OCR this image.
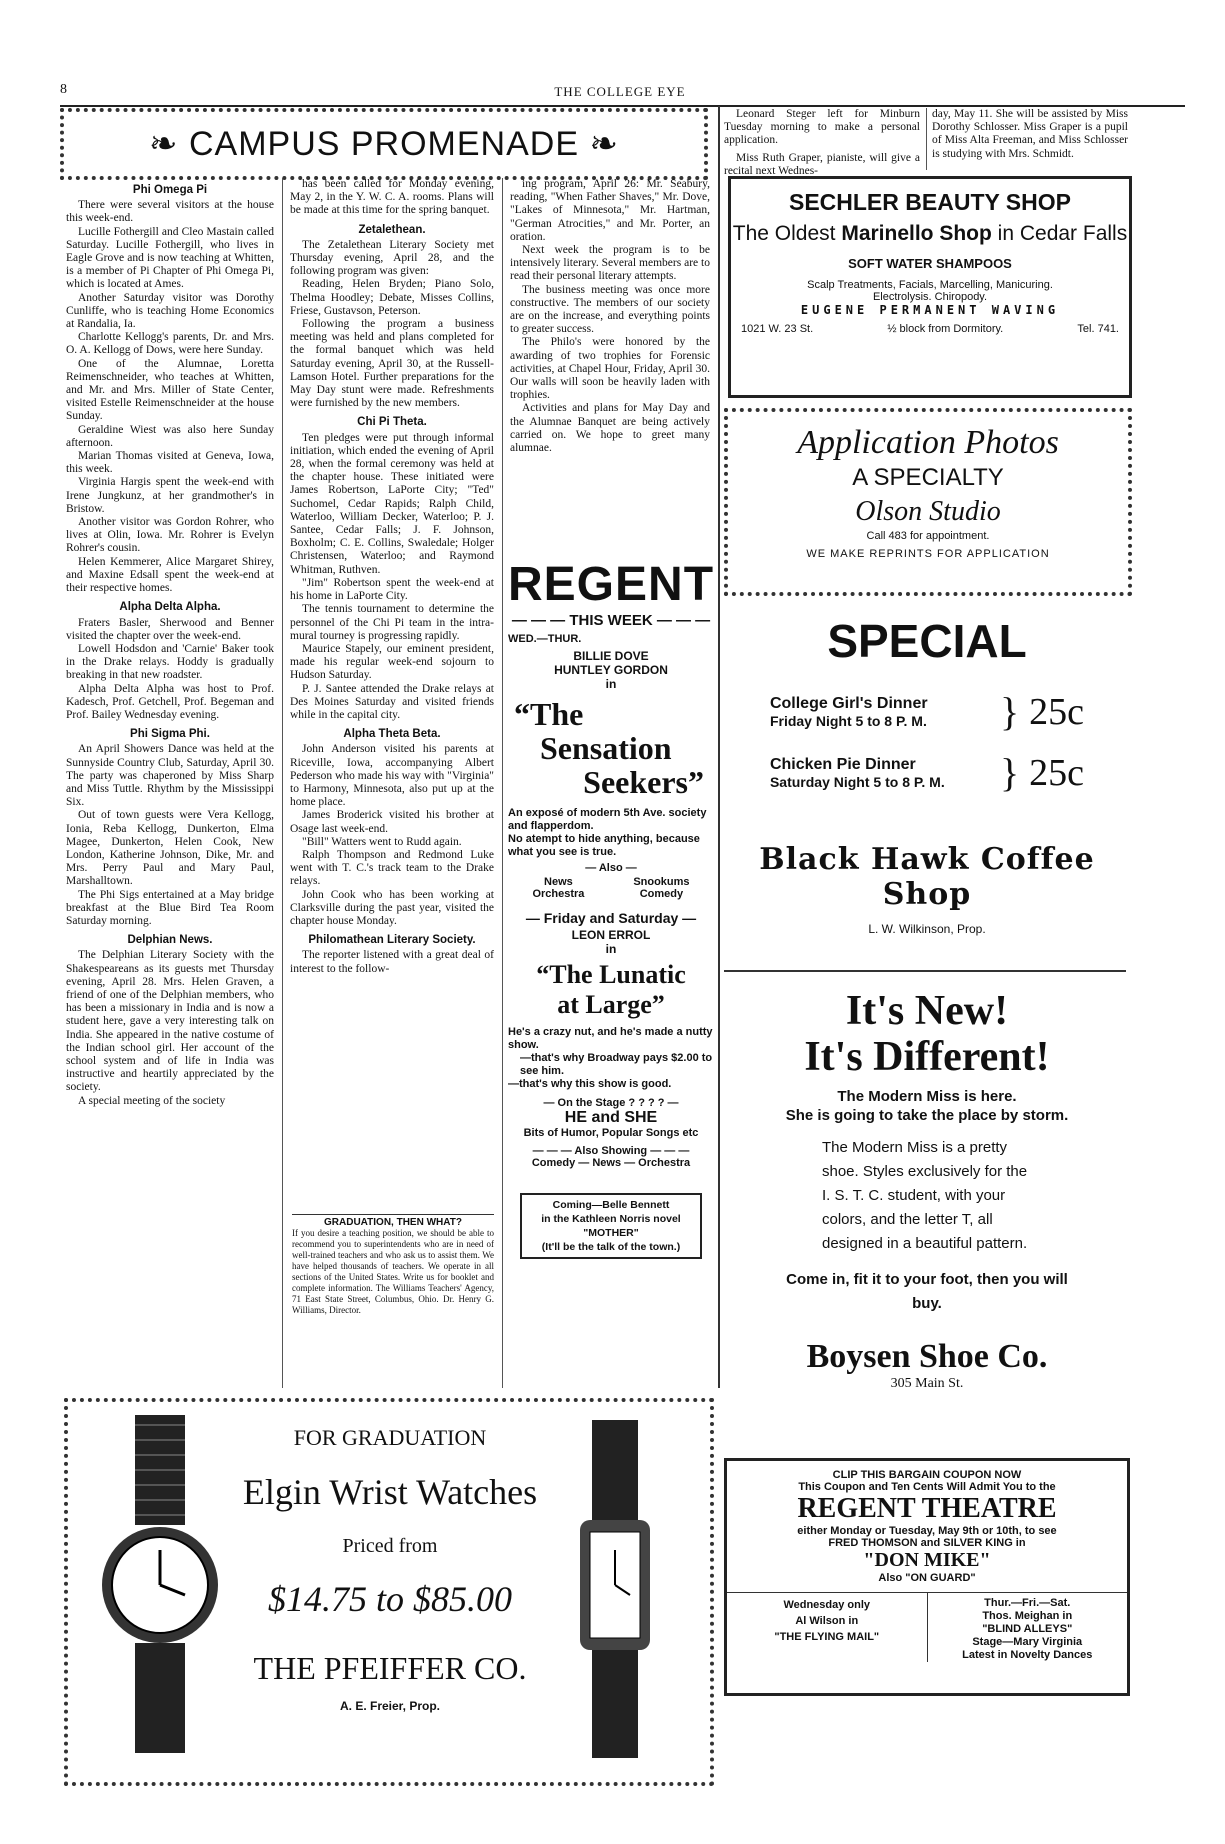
8	THE COLLEGE EYE
❧ CAMPUS PROMENADE ❧
Phi Omega Pi

There were several visitors at the house this week-end.

Lucille Fothergill and Cleo Mastain called Saturday. Lucille Fothergill, who lives in Eagle Grove and is now teaching at Whitten, is a member of Pi Chapter of Phi Omega Pi, which is located at Ames.

Another Saturday visitor was Dorothy Cunliffe, who is teaching Home Economics at Randalia, Ia.

Charlotte Kellogg's parents, Dr. and Mrs. O. A. Kellogg of Dows, were here Sunday.

One of the Alumnae, Loretta Reimenschneider, who teaches at Whitten, and Mr. and Mrs. Miller of State Center, visited Estelle Reimenschneider at the house Sunday.

Geraldine Wiest was also here Sunday afternoon.

Marian Thomas visited at Geneva, Iowa, this week.

Virginia Hargis spent the week-end with Irene Jungkunz, at her grandmother's in Bristow.

Another visitor was Gordon Rohrer, who lives at Olin, Iowa. Mr. Rohrer is Evelyn Rohrer's cousin.

Helen Kemmerer, Alice Margaret Shirey, and Maxine Edsall spent the week-end at their respective homes.

Alpha Delta Alpha.

Fraters Basler, Sherwood and Benner visited the chapter over the week-end.

Lowell Hodsdon and 'Carnie' Baker took in the Drake relays. Hoddy is gradually breaking in that new roadster.

Alpha Delta Alpha was host to Prof. Kadesch, Prof. Getchell, Prof. Begeman and Prof. Bailey Wednesday evening.

Phi Sigma Phi.

An April Showers Dance was held at the Sunnyside Country Club, Saturday, April 30. The party was chaperoned by Miss Sharp and Miss Tuttle. Rhythm by the Mississippi Six.

Out of town guests were Vera Kellogg, Ionia, Reba Kellogg, Dunkerton, Elma Magee, Dunkerton, Helen Cook, New London, Katherine Johnson, Dike, Mr. and Mrs. Perry Paul and Mary Paul, Marshalltown.

The Phi Sigs entertained at a May bridge breakfast at the Blue Bird Tea Room Saturday morning.

Delphian News.

The Delphian Literary Society with the Shakespeareans as its guests met Thursday evening, April 28. Mrs. Helen Graven, a friend of one of the Delphian members, who has been a missionary in India and is now a student here, gave a very interesting talk on India. She appeared in the native costume of the Indian school girl. Her account of the school system and of life in India was instructive and heartily appreciated by the society.

A special meeting of the society

has been called for Monday evening, May 2, in the Y. W. C. A. rooms. Plans will be made at this time for the spring banquet.

Zetalethean.

The Zetalethean Literary Society met Thursday evening, April 28, and the following program was given:

Reading, Helen Bryden; Piano Solo, Thelma Hoodley; Debate, Misses Collins, Friese, Gustavson, Peterson.

Following the program a business meeting was held and plans completed for the formal banquet which was held Saturday evening, April 30, at the Russell-Lamson Hotel. Further preparations for the May Day stunt were made. Refreshments were furnished by the new members.

Chi Pi Theta.

Ten pledges were put through informal initiation, which ended the evening of April 28, when the formal ceremony was held at the chapter house. These initiated were James Robertson, LaPorte City; "Ted" Suchomel, Cedar Rapids; Ralph Child, Waterloo, William Decker, Waterloo; P. J. Santee, Cedar Falls; J. F. Johnson, Boxholm; C. E. Collins, Swaledale; Holger Christensen, Waterloo; and Raymond Whitman, Ruthven.

"Jim" Robertson spent the week-end at his home in LaPorte City.

The tennis tournament to determine the personnel of the Chi Pi team in the intra-mural tourney is progressing rapidly.

Maurice Stapely, our eminent president, made his regular week-end sojourn to Hudson Saturday.

P. J. Santee attended the Drake relays at Des Moines Saturday and visited friends while in the capital city.

Alpha Theta Beta.

John Anderson visited his parents at Riceville, Iowa, accompanying Albert Pederson who made his way with "Virginia" to Harmony, Minnesota, also put up at the home place.

James Broderick visited his brother at Osage last week-end.

"Bill" Watters went to Rudd again.

Ralph Thompson and Redmond Luke went with T. C.'s track team to the Drake relays.

John Cook who has been working at Clarksville during the past year, visited the chapter house Monday.

Philomathean Literary Society.

The reporter listened with a great deal of interest to the follow-

GRADUATION, THEN WHAT?
If you desire a teaching position, we should be able to recommend you to superintendents who are in need of well-trained teachers and who ask us to assist them. We have helped thousands of teachers. We operate in all sections of the United States. Write us for booklet and complete information. The Williams Teachers' Agency, 71 East State Street, Columbus, Ohio. Dr. Henry G. Williams, Director.

ing program, April 26: Mr. Seabury, reading, "When Father Shaves," Mr. Dove, "Lakes of Minnesota," Mr. Hartman, "German Atrocities," and Mr. Porter, an oration.

Next week the program is to be intensively literary. Several members are to read their personal literary attempts.

The business meeting was once more constructive. The members of our society are on the increase, and everything points to greater success.

The Philo's were honored by the awarding of two trophies for Forensic activities, at Chapel Hour, Friday, April 30. Our walls will soon be heavily laden with trophies.

Activities and plans for May Day and the Alumnae Banquet are being actively carried on. We hope to greet many alumnae.

REGENT
— — — THIS WEEK — — —
WED.—THUR.
BILLIE DOVE
HUNTLEY GORDON
in
“The
Sensation
Seekers”
An exposé of modern 5th Ave. society and flapperdom.
No atempt to hide anything, because what you see is true.
— Also —
News
Orchestra
Snookums
Comedy
— Friday and Saturday —
LEON ERROL
in
“The Lunatic
at Large”
He's a crazy nut, and he's made a nutty show.
—that's why Broadway pays $2.00 to see him.
—that's why this show is good.
— On the Stage ? ? ? ? —
HE and SHE
Bits of Humor, Popular Songs etc
— — — Also Showing — — —
Comedy — News — Orchestra
Coming—Belle Bennett
in the Kathleen Norris novel
"MOTHER"
(It'll be the talk of the town.)

Leonard Steger left for Minburn Tuesday morning to make a personal application.

Miss Ruth Graper, pianiste, will give a recital next Wednes-

day, May 11. She will be assisted by Miss Dorothy Schlosser. Miss Graper is a pupil of Miss Alta Freeman, and Miss Schlosser is studying with Mrs. Schmidt.

SECHLER BEAUTY SHOP
The Oldest Marinello Shop in Cedar Falls
SOFT WATER SHAMPOOS
Scalp Treatments, Facials, Marcelling, Manicuring.
Electrolysis. Chiropody.
EUGENE PERMANENT WAVING
1021 W. 23 St.	½ block from Dormitory.	Tel. 741.
Application Photos
A SPECIALTY
Olson Studio
Call 483 for appointment.
WE MAKE REPRINTS FOR APPLICATION
SPECIAL
College Girl's Dinner
Friday Night 5 to 8 P. M.	} 25c
Chicken Pie Dinner
Saturday Night 5 to 8 P. M.	} 25c
Black Hawk Coffee Shop
L. W. Wilkinson, Prop.
It's New!
It's Different!
The Modern Miss is here.
She is going to take the place by storm.
The Modern Miss is a pretty shoe. Styles exclusively for the I. S. T. C. student, with your colors, and the letter T, all designed in a beautiful pattern.
Come in, fit it to your foot, then you will buy.
Boysen Shoe Co.
305 Main St.
CLIP THIS BARGAIN COUPON NOW
This Coupon and Ten Cents Will Admit You to the
REGENT THEATRE
either Monday or Tuesday, May 9th or 10th, to see
FRED THOMSON and SILVER KING in
"DON MIKE"
Also "ON GUARD"
Wednesday only
Al Wilson in
"THE FLYING MAIL"
Thur.—Fri.—Sat.
Thos. Meighan in
"BLIND ALLEYS"
Stage—Mary Virginia
Latest in Novelty Dances
FOR GRADUATION
Elgin Wrist Watches
Priced from
$14.75 to $85.00
THE PFEIFFER CO.
A. E. Freier, Prop.
